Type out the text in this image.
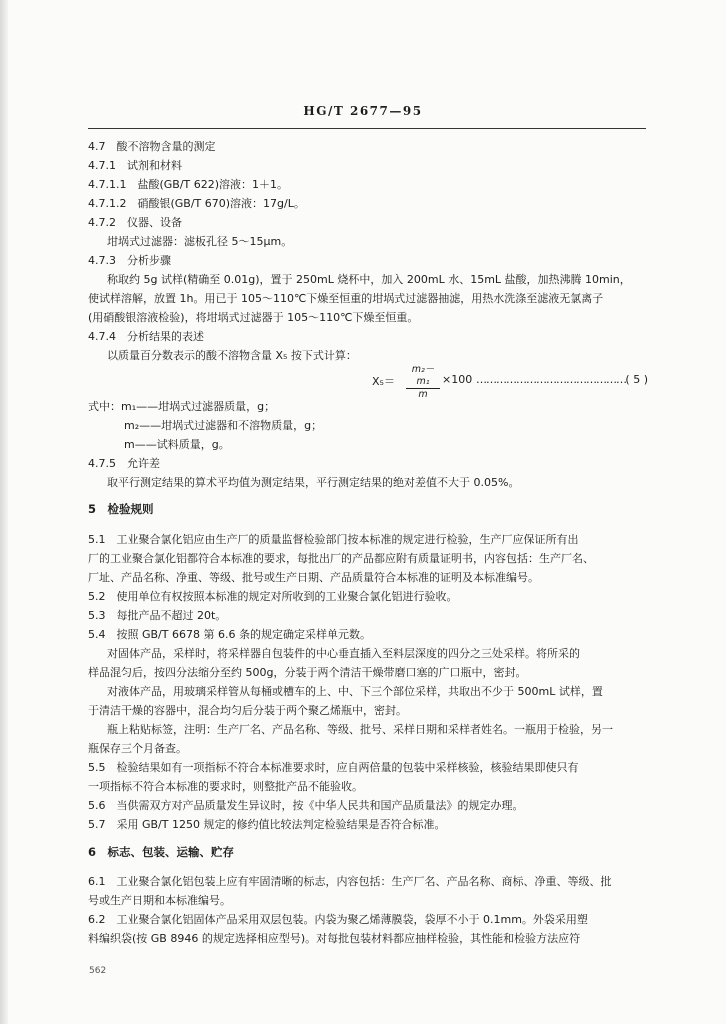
HG/T 2677—95
4.7　酸不溶物含量的测定
4.7.1　试剂和材料
4.7.1.1　盐酸(GB/T 622)溶液：1＋1。
4.7.1.2　硝酸银(GB/T 670)溶液：17g/L。
4.7.2　仪器、设备
坩埚式过滤器：滤板孔径 5～15μm。
4.7.3　分析步骤
称取约 5g 试样(精确至 0.01g)，置于 250mL 烧杯中，加入 200mL 水、15mL 盐酸，加热沸腾 10min，
使试样溶解，放置 1h。用已于 105～110℃下燥至恒重的坩埚式过滤器抽滤，用热水洗涤至滤液无氯离子
(用硝酸银溶液检验)，将坩埚式过滤器于 105～110℃下燥至恒重。
4.7.4　分析结果的表述
以质量百分数表示的酸不溶物含量 X₅ 按下式计算：
$X_5= \frac{\text{m₂－m₁}}{m} \times 100$ ……………………………………… ( 5 )
式中：m₁——坩埚式过滤器质量，g；
m₂——坩埚式过滤器和不溶物质量，g；
m——试料质量，g。
4.7.5　允许差
取平行测定结果的算术平均值为测定结果，平行测定结果的绝对差值不大于 0.05%。
5　检验规则
5.1　工业聚合氯化铝应由生产厂的质量监督检验部门按本标准的规定进行检验，生产厂应保证所有出
厂的工业聚合氯化铝都符合本标准的要求，每批出厂的产品都应附有质量证明书，内容包括：生产厂名、
厂址、产品名称、净重、等级、批号或生产日期、产品质量符合本标准的证明及本标准编号。
5.2　使用单位有权按照本标准的规定对所收到的工业聚合氯化铝进行验收。
5.3　每批产品不超过 20t。
5.4　按照 GB/T 6678 第 6.6 条的规定确定采样单元数。
对固体产品，采样时，将采样器自包装件的中心垂直插入至料层深度的四分之三处采样。将所采的
样品混匀后，按四分法缩分至约 500g，分装于两个清洁干燥带磨口塞的广口瓶中，密封。
对液体产品，用玻璃采样管从每桶或槽车的上、中、下三个部位采样，共取出不少于 500mL 试样，置
于清洁干燥的容器中，混合均匀后分装于两个聚乙烯瓶中，密封。
瓶上粘贴标签，注明：生产厂名、产品名称、等级、批号、采样日期和采样者姓名。一瓶用于检验，另一
瓶保存三个月备查。
5.5　检验结果如有一项指标不符合本标准要求时，应自两倍量的包装中采样核验，核验结果即使只有
一项指标不符合本标准的要求时，则整批产品不能验收。
5.6　当供需双方对产品质量发生异议时，按《中华人民共和国产品质量法》的规定办理。
5.7　采用 GB/T 1250 规定的修约值比较法判定检验结果是否符合标准。
6　标志、包装、运输、贮存
6.1　工业聚合氯化铝包装上应有牢固清晰的标志，内容包括：生产厂名、产品名称、商标、净重、等级、批
号或生产日期和本标准编号。
6.2　工业聚合氯化铝固体产品采用双层包装。内袋为聚乙烯薄膜袋，袋厚不小于 0.1mm。外袋采用塑
料编织袋(按 GB 8946 的规定选择相应型号)。对每批包装材料都应抽样检验，其性能和检验方法应符
562
